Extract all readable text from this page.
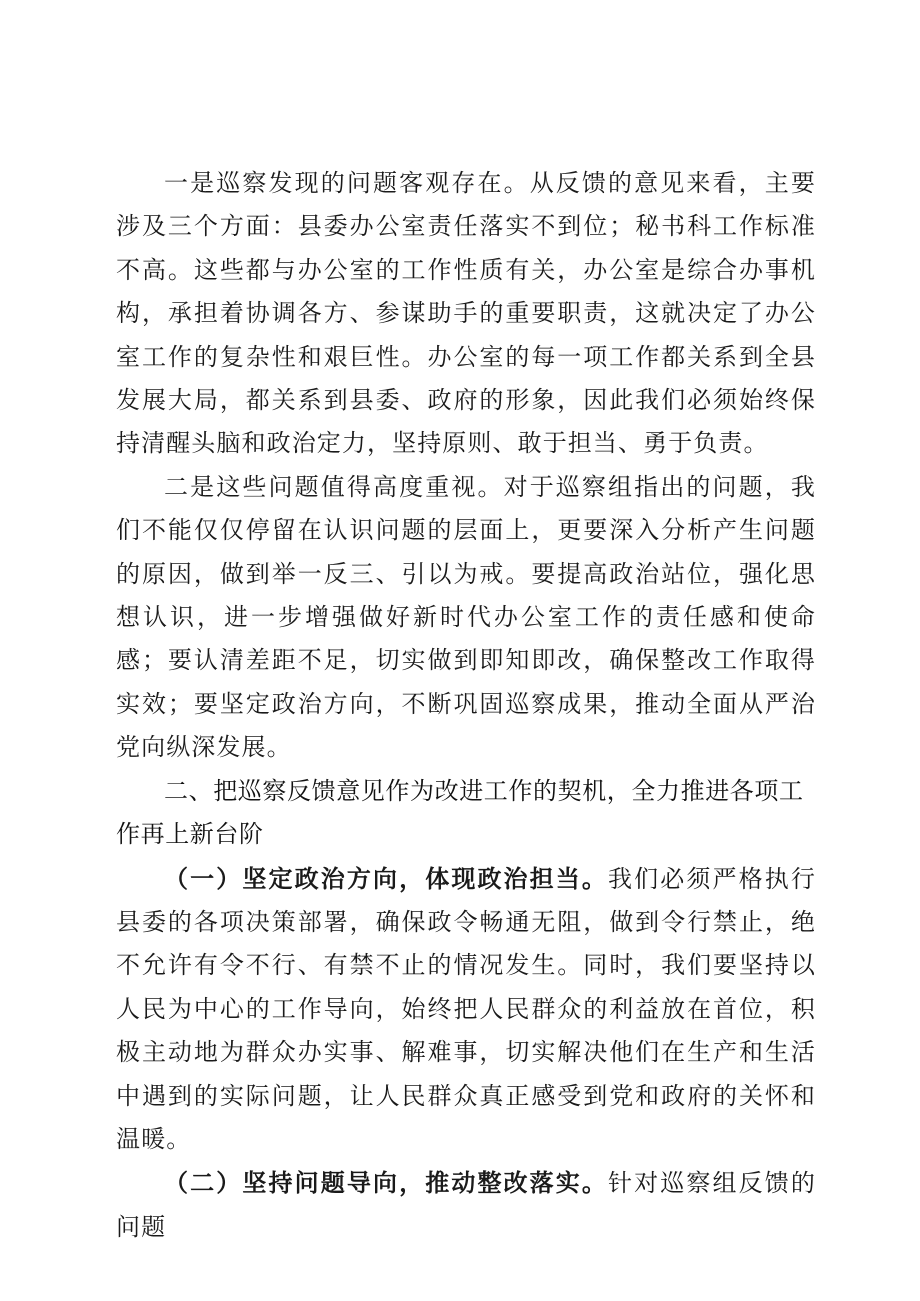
一是巡察发现的问题客观存在。从反馈的意见来看，主要涉及三个方面：县委办公室责任落实不到位；秘书科工作标准不高。这些都与办公室的工作性质有关，办公室是综合办事机构，承担着协调各方、参谋助手的重要职责，这就决定了办公室工作的复杂性和艰巨性。办公室的每一项工作都关系到全县发展大局，都关系到县委、政府的形象，因此我们必须始终保持清醒头脑和政治定力，坚持原则、敢于担当、勇于负责。

二是这些问题值得高度重视。对于巡察组指出的问题，我们不能仅仅停留在认识问题的层面上，更要深入分析产生问题的原因，做到举一反三、引以为戒。要提高政治站位，强化思想认识，进一步增强做好新时代办公室工作的责任感和使命感；要认清差距不足，切实做到即知即改，确保整改工作取得实效；要坚定政治方向，不断巩固巡察成果，推动全面从严治党向纵深发展。

二、把巡察反馈意见作为改进工作的契机，全力推进各项工作再上新台阶

（一）坚定政治方向，体现政治担当。我们必须严格执行县委的各项决策部署，确保政令畅通无阻，做到令行禁止，绝不允许有令不行、有禁不止的情况发生。同时，我们要坚持以人民为中心的工作导向，始终把人民群众的利益放在首位，积极主动地为群众办实事、解难事，切实解决他们在生产和生活中遇到的实际问题，让人民群众真正感受到党和政府的关怀和温暖。

（二）坚持问题导向，推动整改落实。针对巡察组反馈的问题
